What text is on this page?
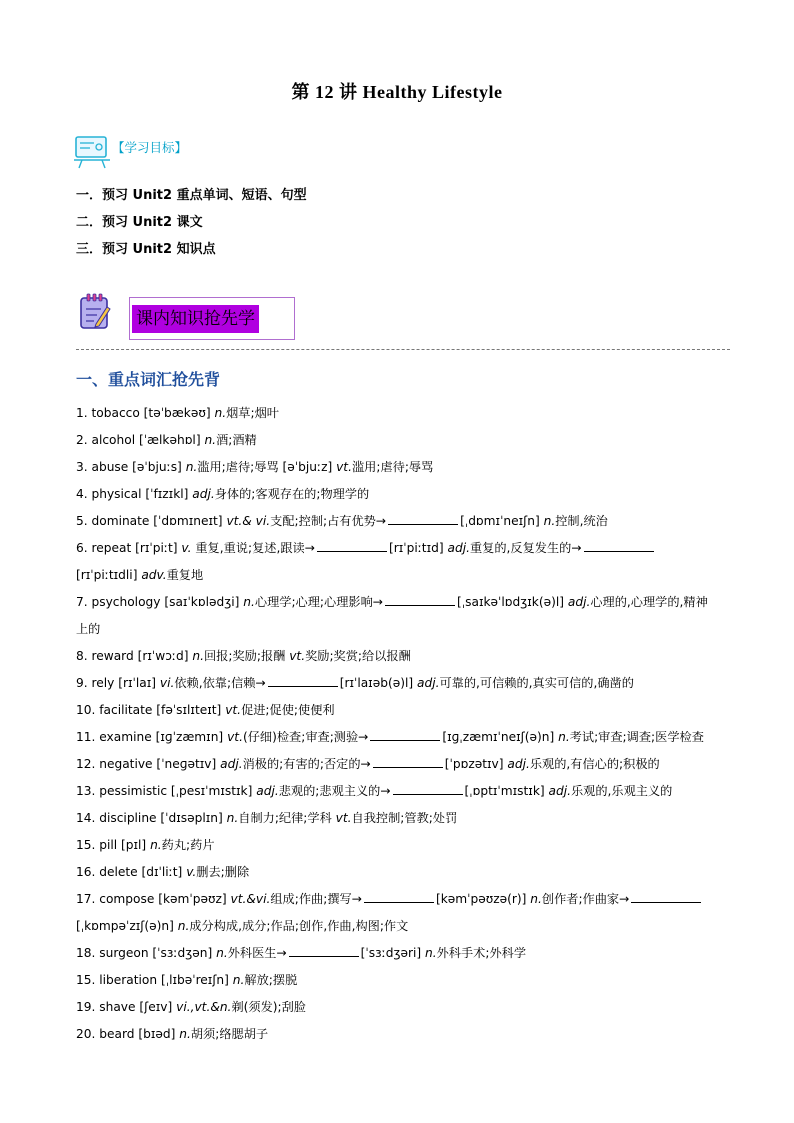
第 12 讲 Healthy Lifestyle
【学习目标】
一．预习 Unit2 重点单词、短语、句型
二．预习 Unit2 课文
三．预习 Unit2 知识点
课内知识抢先学
一、重点词汇抢先背
1. tobacco [təˈbækəʊ] n.烟草;烟叶
2. alcohol [ˈælkəhɒl] n.酒;酒精
3. abuse [əˈbjuːs] n.滥用;虐待;辱骂 [əˈbjuːz] vt.滥用;虐待;辱骂
4. physical [ˈfɪzɪkl] adj.身体的;客观存在的;物理学的
5. dominate [ˈdɒmɪneɪt] vt.& vi.支配;控制;占有优势→	[ˌdɒmɪˈneɪʃn] n.控制,统治
6. repeat [rɪˈpiːt] v. 重复,重说;复述,跟读→	[rɪˈpiːtɪd] adj.重复的,反复发生的→
[rɪˈpiːtɪdli] adv.重复地
7. psychology [saɪˈkɒlədʒi] n.心理学;心理;心理影响→	[ˌsaɪkəˈlɒdʒɪk(ə)l] adj.心理的,心理学的,精神
上的
8. reward [rɪˈwɔːd] n.回报;奖励;报酬 vt.奖励;奖赏;给以报酬
9. rely [rɪˈlaɪ] vi.依赖,依靠;信赖→	[rɪˈlaɪəb(ə)l] adj.可靠的,可信赖的,真实可信的,确凿的
10. facilitate [fəˈsɪlɪteɪt] vt.促进;促使;使便利
11. examine [ɪɡˈzæmɪn] vt.(仔细)检查;审查;测验→	[ɪɡˌzæmɪˈneɪʃ(ə)n] n.考试;审查;调查;医学检查
12. negative [ˈneɡətɪv] adj.消极的;有害的;否定的→	[ˈpɒzətɪv] adj.乐观的,有信心的;积极的
13. pessimistic [ˌpesɪˈmɪstɪk] adj.悲观的;悲观主义的→	[ˌɒptɪˈmɪstɪk] adj.乐观的,乐观主义的
14. discipline [ˈdɪsəplɪn] n.自制力;纪律;学科 vt.自我控制;管教;处罚
15. pill [pɪl] n.药丸;药片
16. delete [dɪˈliːt] v.删去;删除
17. compose [kəmˈpəʊz] vt.&vi.组成;作曲;撰写→	[kəmˈpəʊzə(r)] n.创作者;作曲家→
[ˌkɒmpəˈzɪʃ(ə)n] n.成分构成,成分;作品;创作,作曲,构图;作文
18. surgeon [ˈsɜːdʒən] n.外科医生→	[ˈsɜːdʒəri] n.外科手术;外科学
15. liberation [ˌlɪbəˈreɪʃn] n.解放;摆脱
19. shave [ʃeɪv] vi.,vt.&n.剃(须发);刮脸
20. beard [bɪəd] n.胡须;络腮胡子
